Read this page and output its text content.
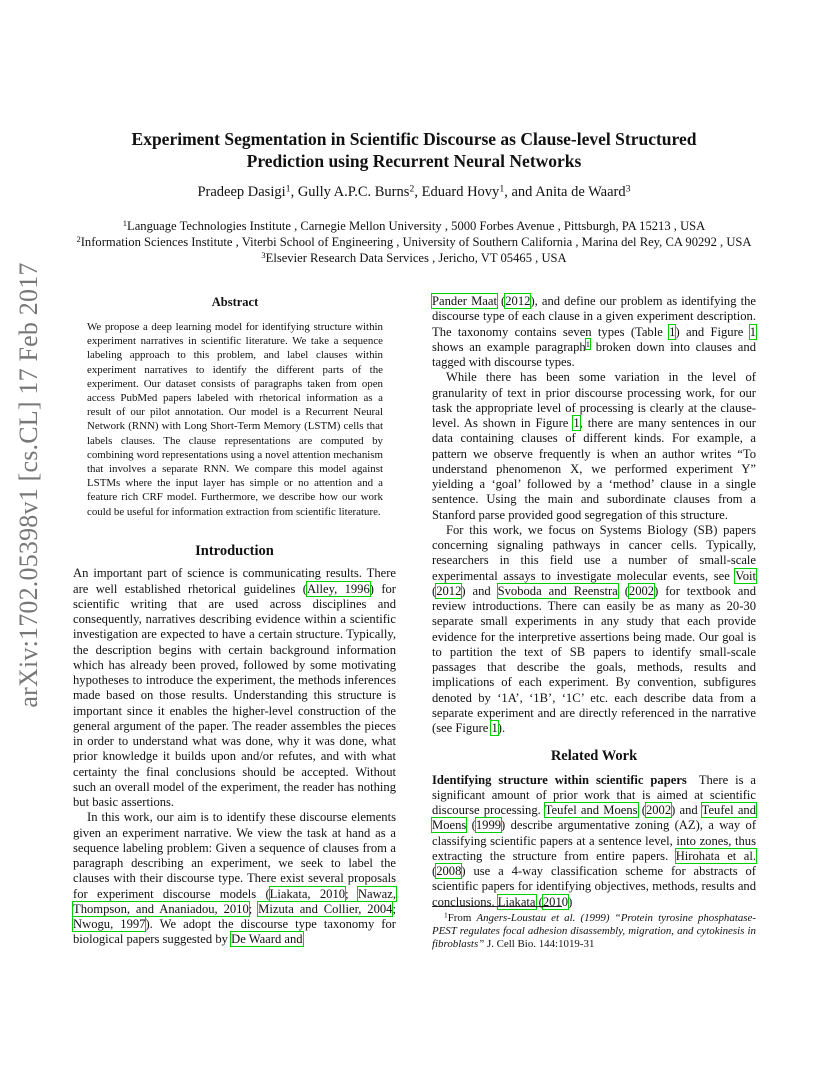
Experiment Segmentation in Scientific Discourse as Clause-level Structured
Prediction using Recurrent Neural Networks
Pradeep Dasigi$^1$, Gully A.P.C. Burns$^2$, Eduard Hovy$^1$, and Anita de Waard$^3$
$^1$Language Technologies Institute , Carnegie Mellon University , 5000 Forbes Avenue , Pittsburgh, PA 15213 , USA
$^2$Information Sciences Institute , Viterbi School of Engineering , University of Southern California , Marina del Rey, CA 90292 , USA
$^3$Elsevier Research Data Services , Jericho, VT 05465 , USA
arXiv:1702.05398v1 [cs.CL] 17 Feb 2017	Abstract
We propose a deep learning model for identifying structure within experiment narratives in scientific literature. We take a sequence labeling approach to this problem, and label clauses within experiment narratives to identify the different parts of the experiment. Our dataset consists of paragraphs taken from open access PubMed papers labeled with rhetorical information as a result of our pilot annotation. Our model is a Recurrent Neural Network (RNN) with Long Short-Term Memory (LSTM) cells that labels clauses. The clause representations are computed by combining word representations using a novel attention mechanism that involves a separate RNN. We compare this model against LSTMs where the input layer has simple or no attention and a feature rich CRF model. Furthermore, we describe how our work could be useful for information extraction from scientific literature.
Introduction

An important part of science is communicating results. There are well established rhetorical guidelines (Alley, 1996) for scientific writing that are used across disciplines and consequently, narratives describing evidence within a scientific investigation are expected to have a certain structure. Typically, the description begins with certain background information which has already been proved, followed by some motivating hypotheses to introduce the experiment, the methods inferences made based on those results. Understanding this structure is important since it enables the higher-level construction of the general argument of the paper. The reader assembles the pieces in order to understand what was done, why it was done, what prior knowledge it builds upon and/or refutes, and with what certainty the final conclusions should be accepted. Without such an overall model of the experiment, the reader has nothing but basic assertions.

In this work, our aim is to identify these discourse elements given an experiment narrative. We view the task at hand as a sequence labeling problem: Given a sequence of clauses from a paragraph describing an experiment, we seek to label the clauses with their discourse type. There exist several proposals for experiment discourse models (Liakata, 2010; Nawaz, Thompson, and Ananiadou, 2010; Mizuta and Collier, 2004; Nwogu, 1997). We adopt the discourse type taxonomy for biological papers suggested by De Waard and

Pander Maat (2012), and define our problem as identifying the discourse type of each clause in a given experiment description. The taxonomy contains seven types (Table 1) and Figure 1 shows an example paragraph$^1$ broken down into clauses and tagged with discourse types.

While there has been some variation in the level of granularity of text in prior discourse processing work, for our task the appropriate level of processing is clearly at the clause-level. As shown in Figure 1, there are many sentences in our data containing clauses of different kinds. For example, a pattern we observe frequently is when an author writes “To understand phenomenon X, we performed experiment Y” yielding a ‘goal’ followed by a ‘method’ clause in a single sentence. Using the main and subordinate clauses from a Stanford parse provided good segregation of this structure.

For this work, we focus on Systems Biology (SB) papers concerning signaling pathways in cancer cells. Typically, researchers in this field use a number of small-scale experimental assays to investigate molecular events, see Voit (2012) and Svoboda and Reenstra (2002) for textbook and review introductions. There can easily be as many as 20-30 separate small experiments in any study that each provide evidence for the interpretive assertions being made. Our goal is to partition the text of SB papers to identify small-scale passages that describe the goals, methods, results and implications of each experiment. By convention, subfigures denoted by ‘1A’, ‘1B’, ‘1C’ etc. each describe data from a separate experiment and are directly referenced in the narrative (see Figure 1).

Related Work

Identifying structure within scientific papers There is a significant amount of prior work that is aimed at scientific discourse processing. Teufel and Moens (2002) and Teufel and Moens (1999) describe argumentative zoning (AZ), a way of classifying scientific papers at a sentence level, into zones, thus extracting the structure from entire papers. Hirohata et al. (2008) use a 4-way classification scheme for abstracts of scientific papers for identifying objectives, methods, results and conclusions. Liakata (2010)

$^1$From Angers-Loustau et al. (1999) “Protein tyrosine phosphatase-PEST regulates focal adhesion disassembly, migration, and cytokinesis in fibroblasts” J. Cell Bio. 144:1019-31
